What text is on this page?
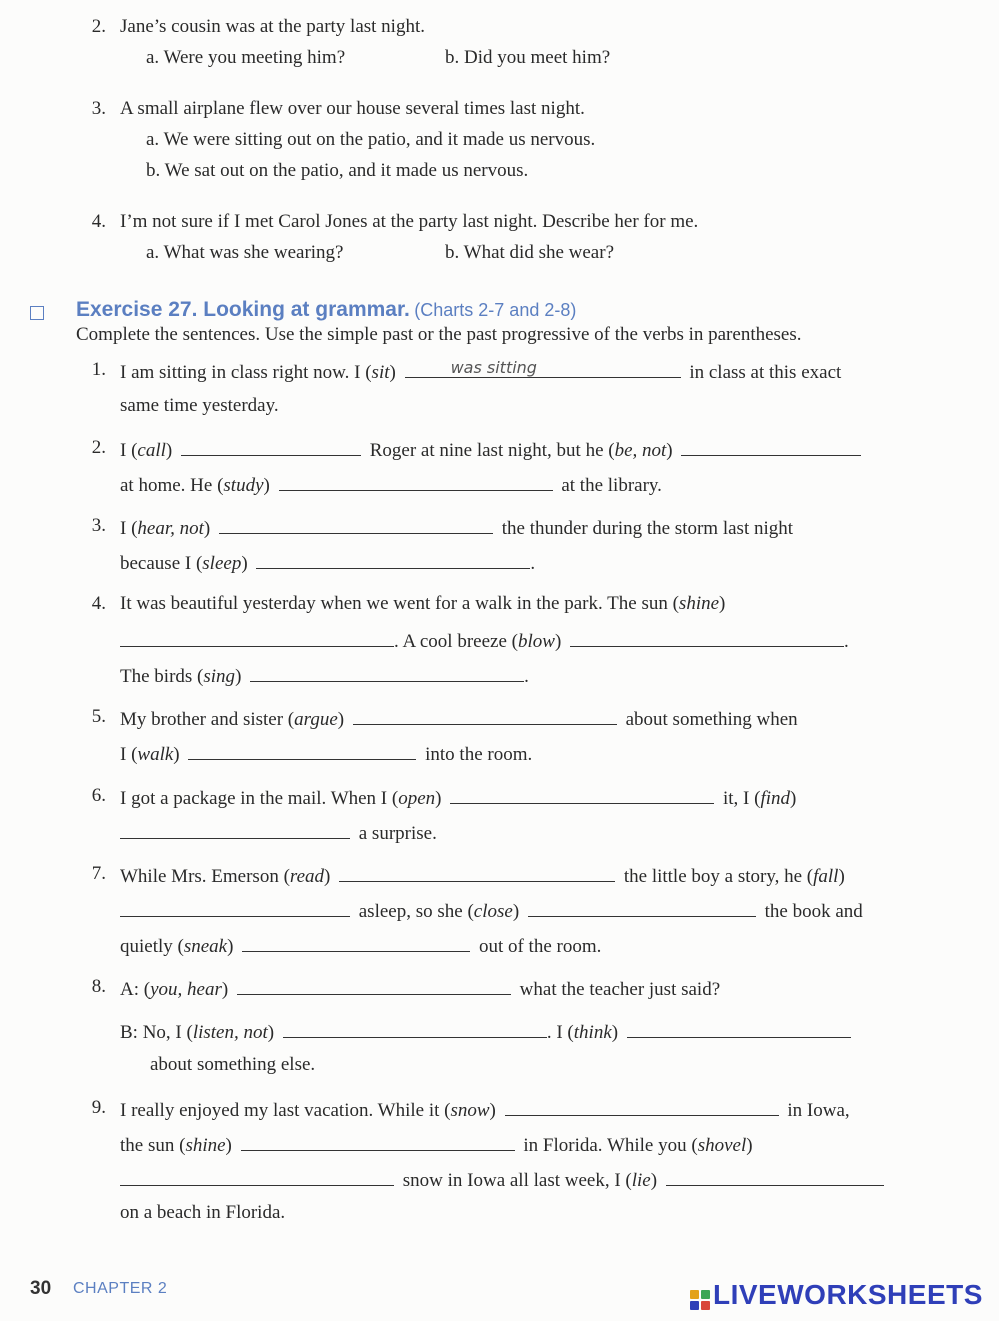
2. Jane’s cousin was at the party last night.
a. Were you meeting him?	b. Did you meet him?
3. A small airplane flew over our house several times last night.
a. We were sitting out on the patio, and it made us nervous.
b. We sat out on the patio, and it made us nervous.
4. I’m not sure if I met Carol Jones at the party last night. Describe her for me.
a. What was she wearing?	b. What did she wear?
Exercise 27. Looking at grammar. (Charts 2-7 and 2-8)
Complete the sentences. Use the simple past or the past progressive of the verbs in parentheses.
1. I am sitting in class right now. I (sit)	was sitting	in class at this exact
same time yesterday.
2. I (call)	Roger at nine last night, but he (be, not)
at home. He (study)	at the library.
3. I (hear, not)	the thunder during the storm last night
because I (sleep)	.
4. It was beautiful yesterday when we went for a walk in the park. The sun (shine)
. A cool breeze (blow)	.
The birds (sing)	.
5. My brother and sister (argue)	about something when
I (walk)	into the room.
6. I got a package in the mail. When I (open)	it, I (find)
a surprise.
7. While Mrs. Emerson (read)	the little boy a story, he (fall)
asleep, so she (close)	the book and
quietly (sneak)	out of the room.
8. A: (you, hear)	what the teacher just said?
B: No, I (listen, not)	. I (think)
about something else.
9. I really enjoyed my last vacation. While it (snow)	in Iowa,
the sun (shine)	in Florida. While you (shovel)
snow in Iowa all last week, I (lie)
on a beach in Florida.
30 CHAPTER 2	LIVEWORKSHEETS
